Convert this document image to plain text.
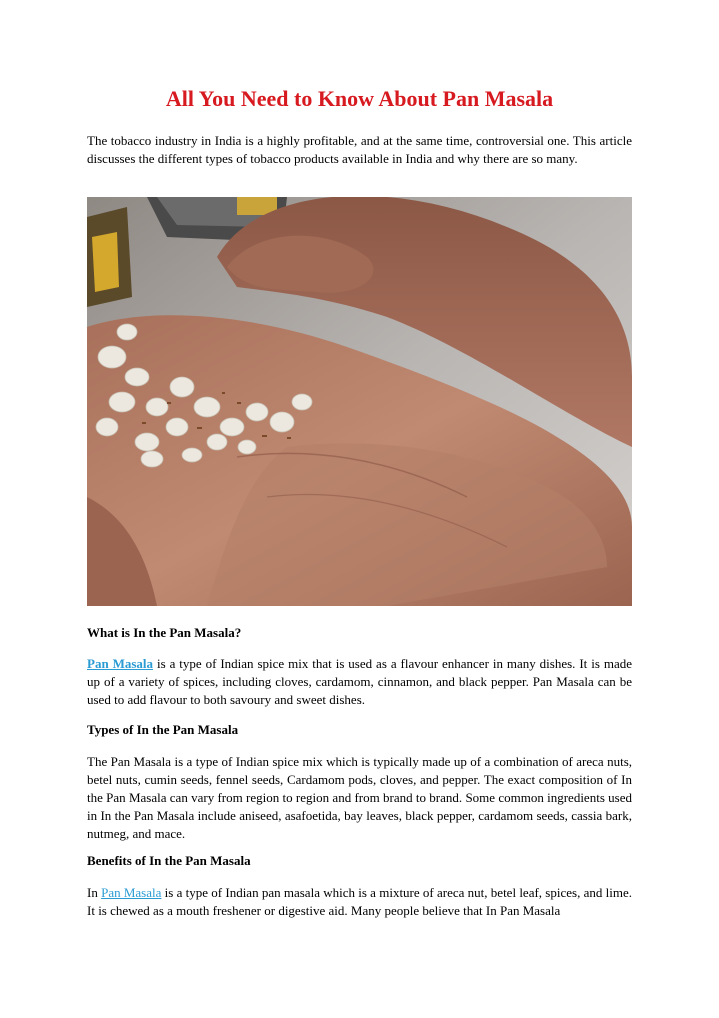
All You Need to Know About Pan Masala

The tobacco industry in India is a highly profitable, and at the same time, controversial one. This article discusses the different types of tobacco products available in India and why there are so many.

What is In the Pan Masala?

Pan Masala is a type of Indian spice mix that is used as a flavour enhancer in many dishes. It is made up of a variety of spices, including cloves, cardamom, cinnamon, and black pepper. Pan Masala can be used to add flavour to both savoury and sweet dishes.

Types of In the Pan Masala

The Pan Masala is a type of Indian spice mix which is typically made up of a combination of areca nuts, betel nuts, cumin seeds, fennel seeds, Cardamom pods, cloves, and pepper. The exact composition of In the Pan Masala can vary from region to region and from brand to brand. Some common ingredients used in In the Pan Masala include aniseed, asafoetida, bay leaves, black pepper, cardamom seeds, cassia bark, nutmeg, and mace.

Benefits of In the Pan Masala

In Pan Masala is a type of Indian pan masala which is a mixture of areca nut, betel leaf, spices, and lime. It is chewed as a mouth freshener or digestive aid. Many people believe that In Pan Masala
